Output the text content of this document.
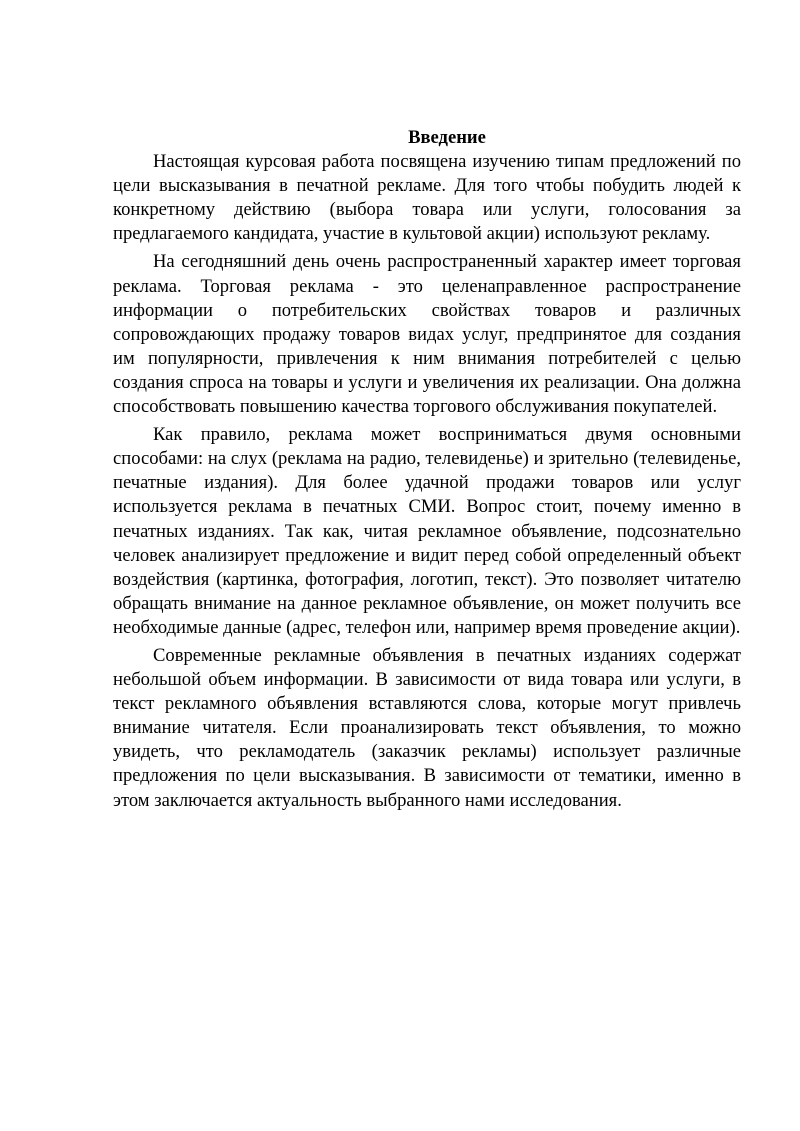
Введение

Настоящая курсовая работа посвящена изучению типам предложений по цели высказывания в печатной рекламе. Для того чтобы побудить людей к конкретному действию (выбора товара или услуги, голосования за предлагаемого кандидата, участие в культовой акции) используют рекламу.

На сегодняшний день очень распространенный характер имеет торговая реклама. Торговая реклама - это целенаправленное распространение информации о потребительских свойствах товаров и различных сопровождающих продажу товаров видах услуг, предпринятое для создания им популярности, привлечения к ним внимания потребителей с целью создания спроса на товары и услуги и увеличения их реализации. Она должна способствовать повышению качества торгового обслуживания покупателей.

Как правило, реклама может восприниматься двумя основными способами: на слух (реклама на радио, телевиденье) и зрительно (телевиденье, печатные издания). Для более удачной продажи товаров или услуг используется реклама в печатных СМИ. Вопрос стоит, почему именно в печатных изданиях. Так как, читая рекламное объявление, подсознательно человек анализирует предложение и видит перед собой определенный объект воздействия (картинка, фотография, логотип, текст). Это позволяет читателю обращать внимание на данное рекламное объявление, он может получить все необходимые данные (адрес, телефон или, например время проведение акции).

Современные рекламные объявления в печатных изданиях содержат небольшой объем информации. В зависимости от вида товара или услуги, в текст рекламного объявления вставляются слова, которые могут привлечь внимание читателя. Если проанализировать текст объявления, то можно увидеть, что рекламодатель (заказчик рекламы) использует различные предложения по цели высказывания. В зависимости от тематики, именно в этом заключается актуальность выбранного нами исследования.
